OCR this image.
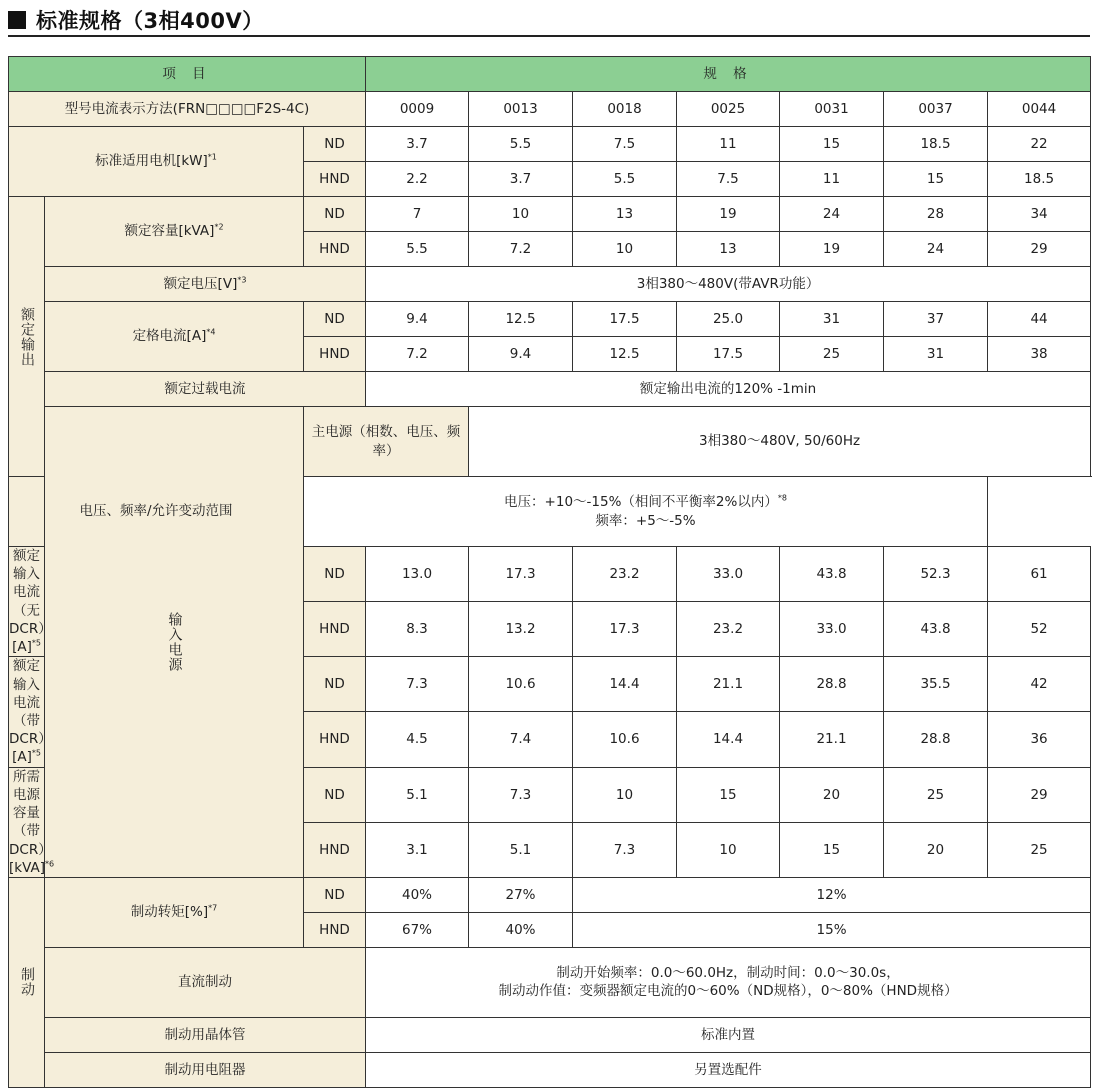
标准规格（3相400V）
项 目			规 格						
型号电流表示方法(FRN□□□□F2S-4C)			0009	0013	0018	0025	0031	0037	0044
标准适用电机[kW]$^{*1}$		ND	3.7	5.5	7.5	11	15	18.5	22
		HND	2.2	3.7	5.5	7.5	11	15	18.5

额定输出	额定容量[kVA]$^{*2}$	ND	7	10	13	19	24	28	34
		HND	5.5	7.2	10	13	19	24	29
	额定电压$[V]^{*3}$		3相380～480V(带AVR功能）						
	定格电流$[A]^{*4}$	ND	9.4	12.5	17.5	25.0	31	37	44
		HND	7.2	9.4	12.5	17.5	25	31	38
	额定过载电流		额定输出电流的120% -1min						

	输入电源	主电源（相数、电压、频率）		3相380～480V, 50/60Hz					
电压、频率/允许变动范围		电压：+10～-15%（相间不平衡率2%以内）$^{*8}$
频率：+5～-5%							

额定输入 电流（无$DCR)[A]^{*5}$		ND	13.0	17.3	23.2	33.0	43.8	52.3	61
		HND	8.3	13.2	17.3	23.2	33.0	43.8	52
额定输入 电流（带$DCR)[A]^{*5}$		ND	7.3	10.6	14.4	21.1	28.8	35.5	42
		HND	4.5	7.4	10.6	14.4	21.1	28.8	36
所需电源容量（带DCR）[kVA]$^{*6}$		ND	5.1	7.3	10	15	20	25	29
		HND	3.1	5.1	7.3	10	15	20	25

制动	制动转矩[%]$^{*7}$	ND	40%	27%	12%				
		HND	67%	40%	15%				
	直流制动		制动开始频率：0.0～60.0Hz，制动时间：0.0～30.0s，
制动动作值：变频器额定电流的0～60%（ND规格），0～80%（HND规格）						

	制动用晶体管		标准内置						
	制动用电阻器		另置选配件						
